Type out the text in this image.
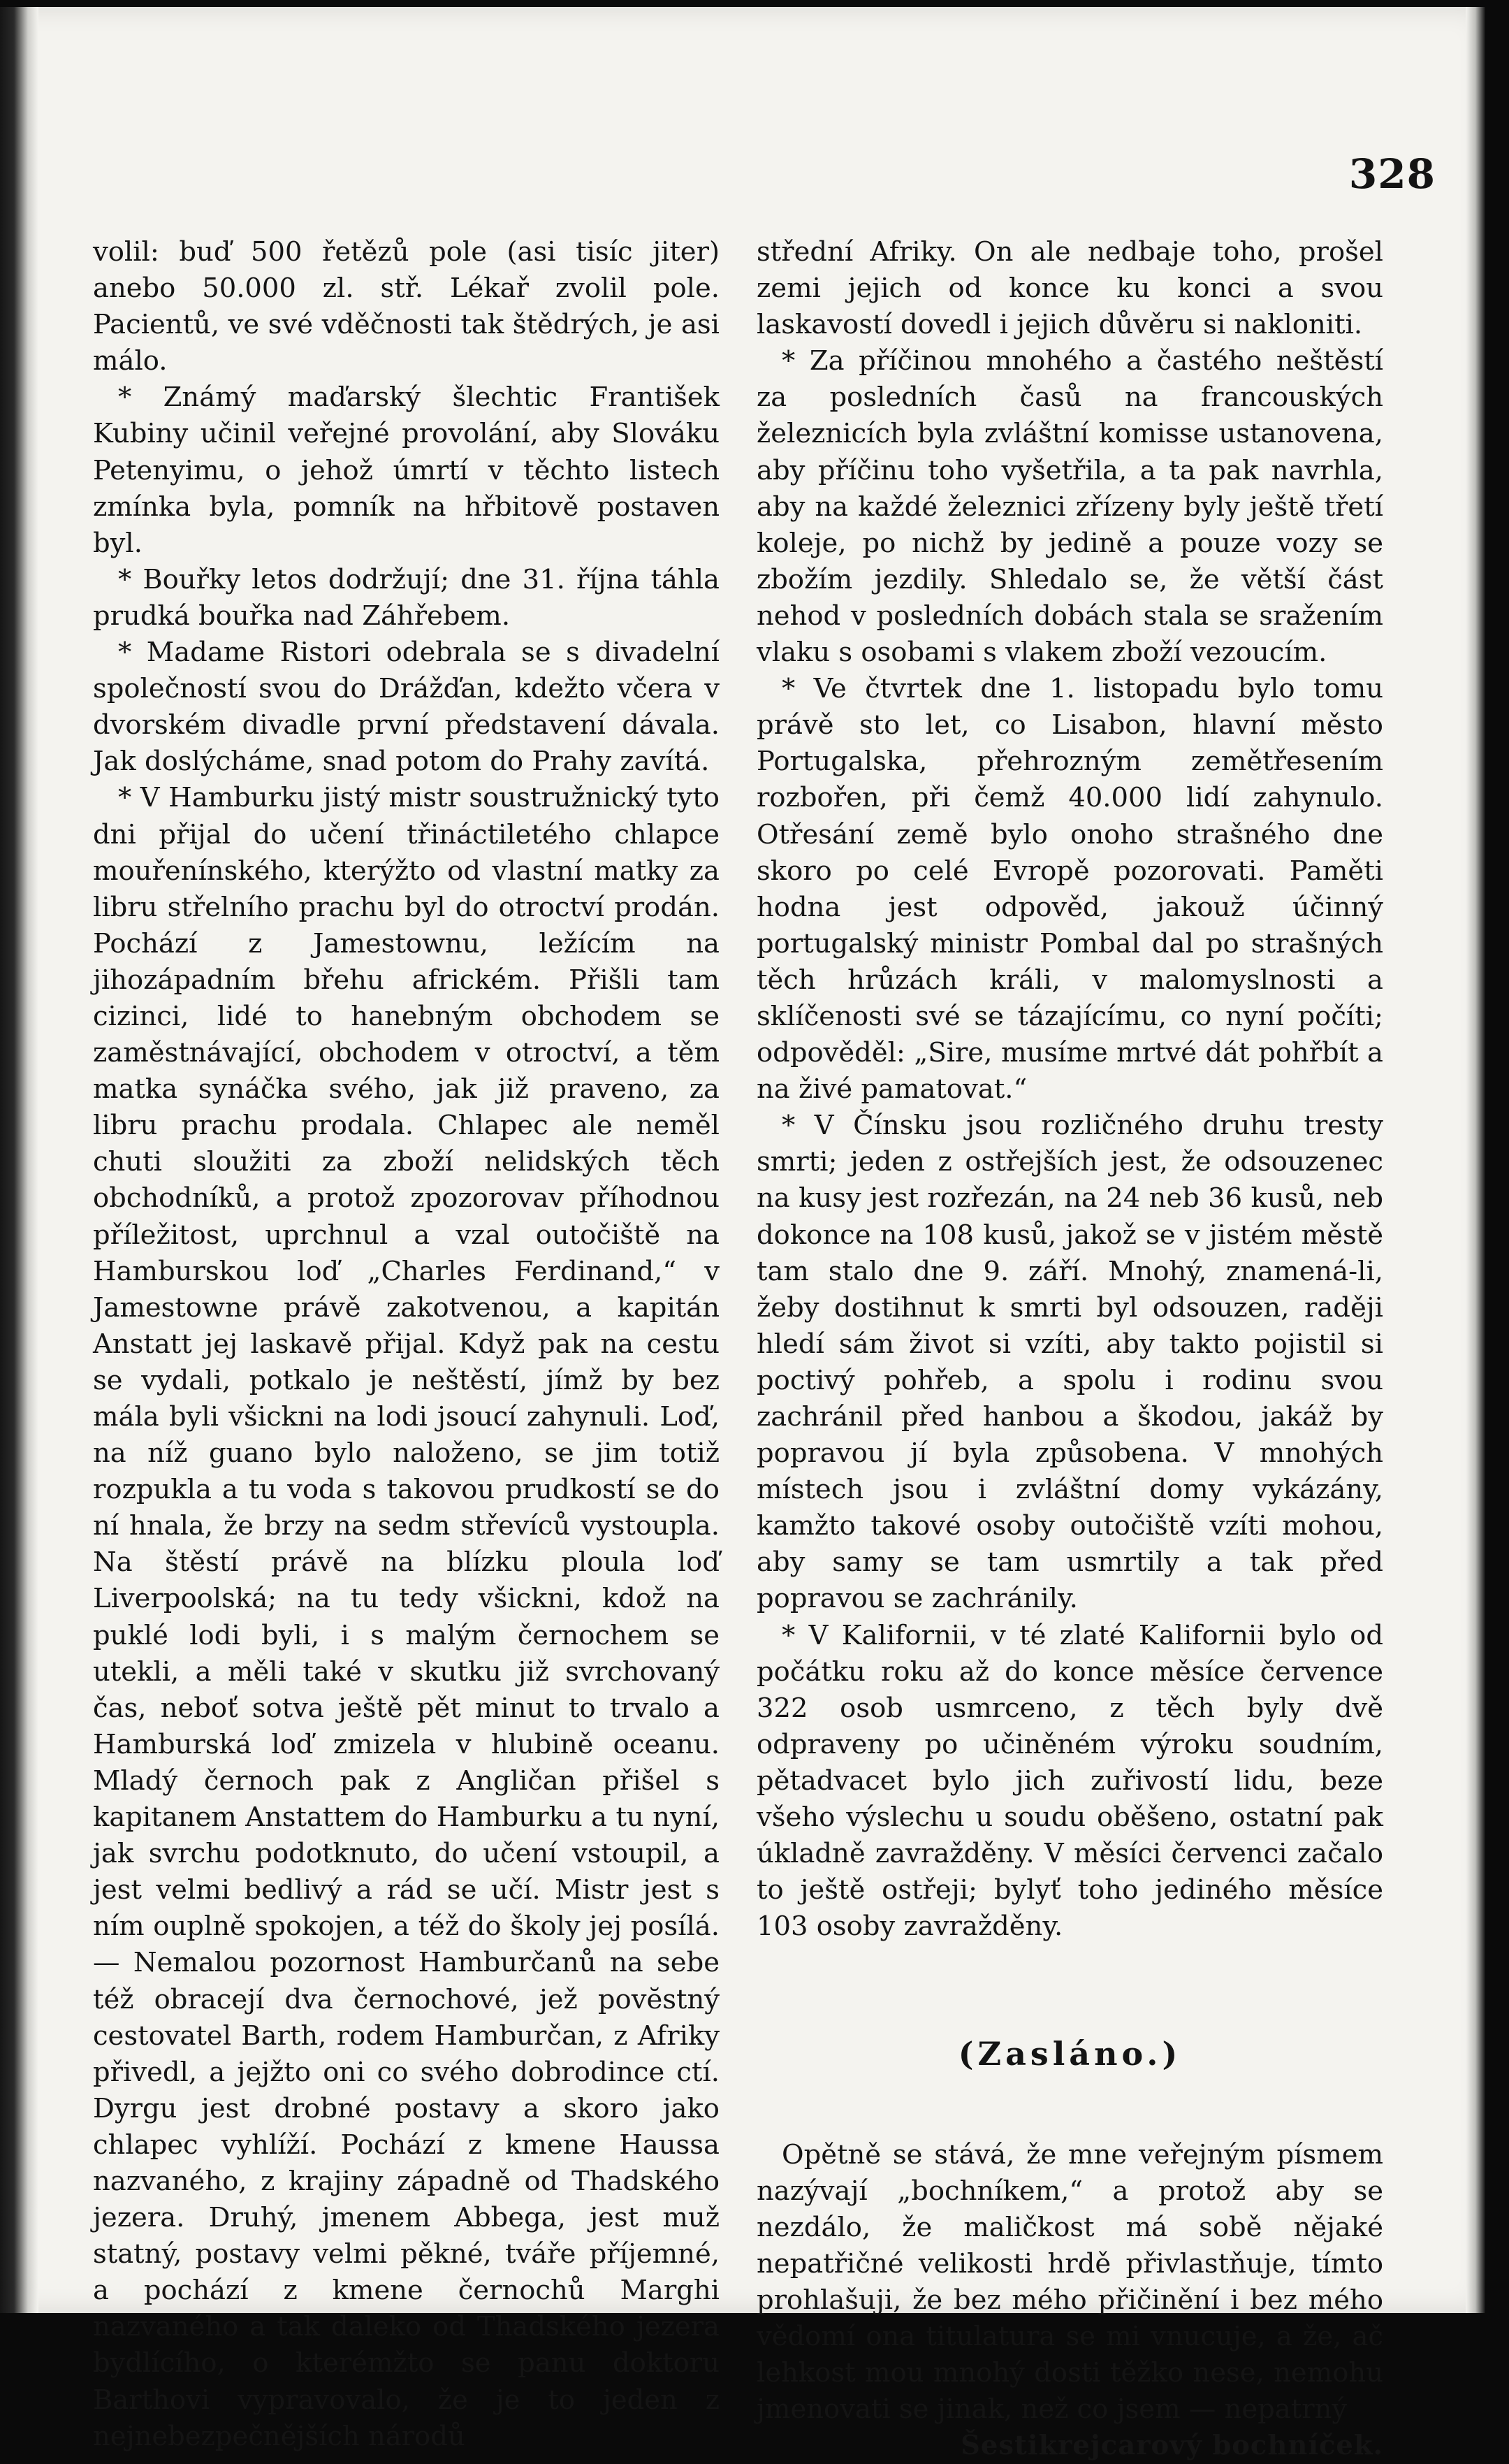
328

volil: buď 500 řetězů pole (asi tisíc jiter) anebo 50.000 zl. stř. Lékař zvolil pole. Pacientů, ve své vděčnosti tak štědrých, je asi málo.

* Známý maďarský šlechtic František Kubiny učinil veřejné provolání, aby Slováku Petenyimu, o jehož úmrtí v těchto listech zmínka byla, pomník na hřbitově postaven byl.

* Bouřky letos dodržují; dne 31. října táhla prudká bouřka nad Záhřebem.

* Madame Ristori odebrala se s divadelní společností svou do Drážďan, kdežto včera v dvorském divadle první představení dávala. Jak doslýcháme, snad potom do Prahy zavítá.

* V Hamburku jistý mistr soustružnický tyto dni přijal do učení třináctiletého chlapce mouřenínského, kterýžto od vlastní matky za libru střelního prachu byl do otroctví prodán. Pochází z Jamestownu, ležícím na jihozápadním břehu africkém. Přišli tam cizinci, lidé to hanebným obchodem se zaměstnávající, obchodem v otroctví, a těm matka synáčka svého, jak již praveno, za libru prachu prodala. Chlapec ale neměl chuti sloužiti za zboží nelidských těch obchodníků, a protož zpozorovav příhodnou příležitost, uprchnul a vzal outočiště na Hamburskou loď „Charles Ferdinand,“ v Jamestowne právě zakotvenou, a kapitán Anstatt jej laskavě přijal. Když pak na cestu se vydali, potkalo je neštěstí, jímž by bez mála byli všickni na lodi jsoucí zahynuli. Loď, na níž guano bylo naloženo, se jim totiž rozpukla a tu voda s takovou prudkostí se do ní hnala, že brzy na sedm střevíců vystoupla. Na štěstí právě na blízku ploula loď Liverpoolská; na tu tedy všickni, kdož na puklé lodi byli, i s malým černochem se utekli, a měli také v skutku již svrchovaný čas, neboť sotva ještě pět minut to trvalo a Hamburská loď zmizela v hlubině oceanu. Mladý černoch pak z Angličan přišel s kapitanem Anstattem do Hamburku a tu nyní, jak svrchu podotknuto, do učení vstoupil, a jest velmi bedlivý a rád se učí. Mistr jest s ním ouplně spokojen, a též do školy jej posílá. — Nemalou pozornost Hamburčanů na sebe též obracejí dva černochové, jež povĕstný cestovatel Barth, rodem Hamburčan, z Afriky přivedl, a jejžto oni co svého dobrodince ctí. Dyrgu jest drobné postavy a skoro jako chlapec vyhlíží. Pochází z kmene Haussa nazvaného, z krajiny západně od Thadského jezera. Druhý, jmenem Abbega, jest muž statný, postavy velmi pěkné, tváře příjemné, a pochází z kmene černochů Marghi nazvaného a tak daleko od Thadského jezera bydlícího, o kterémžto se panu doktoru Barthovi vypravovalo, že je to jeden z nejnebezpečnějších národů

střední Afriky. On ale nedbaje toho, prošel zemi jejich od konce ku konci a svou laskavostí dovedl i jejich důvěru si nakloniti.

* Za příčinou mnohého a častého neštěstí za posledních časů na francouských železnicích byla zvláštní komisse ustanovena, aby příčinu toho vyšetřila, a ta pak navrhla, aby na každé železnici zřízeny byly ještě třetí koleje, po nichž by jedině a pouze vozy se zbožím jezdily. Shledalo se, že větší část nehod v posledních dobách stala se sražením vlaku s osobami s vlakem zboží vezoucím.

* Ve čtvrtek dne 1. listopadu bylo tomu právě sto let, co Lisabon, hlavní město Portugalska, přehrozným zemětřesením rozbořen, při čemž 40.000 lidí zahynulo. Otřesání země bylo onoho strašného dne skoro po celé Evropě pozorovati. Paměti hodna jest odpověd, jakouž účinný portugalský ministr Pombal dal po strašných těch hrůzách králi, v malomyslnosti a sklíčenosti své se tázajícímu, co nyní počíti; odpověděl: „Sire, musíme mrtvé dát pohřbít a na živé pamatovat.“

* V Čínsku jsou rozličného druhu tresty smrti; jeden z ostřejších jest, že odsouzenec na kusy jest rozřezán, na 24 neb 36 kusů, neb dokonce na 108 kusů, jakož se v jistém městě tam stalo dne 9. září. Mnohý, znamená-li, žeby dostihnut k smrti byl odsouzen, raději hledí sám život si vzíti, aby takto pojistil si poctivý pohřeb, a spolu i rodinu svou zachránil před hanbou a škodou, jakáž by popravou jí byla způsobena. V mnohých místech jsou i zvláštní domy vykázány, kamžto takové osoby outočiště vzíti mohou, aby samy se tam usmrtily a tak před popravou se zachránily.

* V Kalifornii, v té zlaté Kalifornii bylo od počátku roku až do konce měsíce července 322 osob usmrceno, z těch byly dvě odpraveny po učiněném výroku soudním, pětadvacet bylo jich zuřivostí lidu, beze všeho výslechu u soudu oběšeno, ostatní pak úkladně zavražděny. V měsíci červenci začalo to ještě ostřeji; bylyť toho jediného měsíce 103 osoby zavražděny.

(Zasláno.)

Opětně se stává, že mne veřejným písmem nazývají „bochníkem,“ a protož aby se nezdálo, že maličkost má sobě nějaké nepatřičné velikosti hrdě přivlastňuje, tímto prohlašuji, že bez mého přičinění i bez mého vědomí ona titulatura se mi vnucuje, a že, ač lehkost mou mnohý dosti těžko nese, nemohu jmenovati se jinak, než co jsem — nepatrný

Šestikrejcarový bochníček.
